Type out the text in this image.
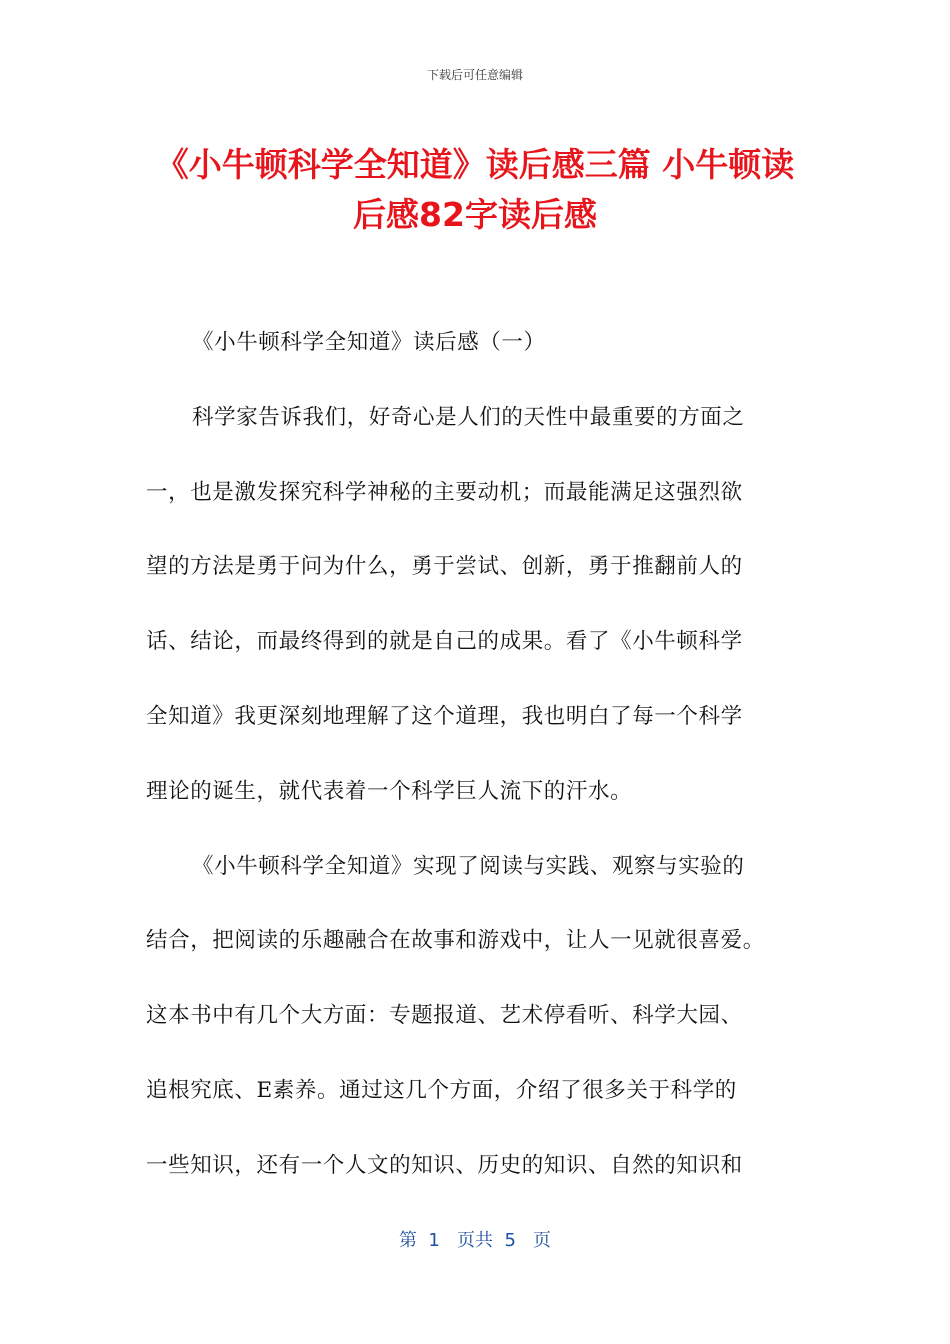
下载后可任意编辑
《小牛顿科学全知道》读后感三篇 小牛顿读
后感82字读后感
《小牛顿科学全知道》读后感（一）
科学家告诉我们，好奇心是人们的天性中最重要的方面之
一，也是激发探究科学神秘的主要动机；而最能满足这强烈欲
望的方法是勇于问为什么，勇于尝试、创新，勇于推翻前人的
话、结论，而最终得到的就是自己的成果。看了《小牛顿科学
全知道》我更深刻地理解了这个道理，我也明白了每一个科学
理论的诞生，就代表着一个科学巨人流下的汗水。
《小牛顿科学全知道》实现了阅读与实践、观察与实验的
结合，把阅读的乐趣融合在故事和游戏中，让人一见就很喜爱。
这本书中有几个大方面：专题报道、艺术停看听、科学大园、
追根究底、E素养。通过这几个方面，介绍了很多关于科学的
一些知识，还有一个人文的知识、历史的知识、自然的知识和
第  1   页共  5   页
